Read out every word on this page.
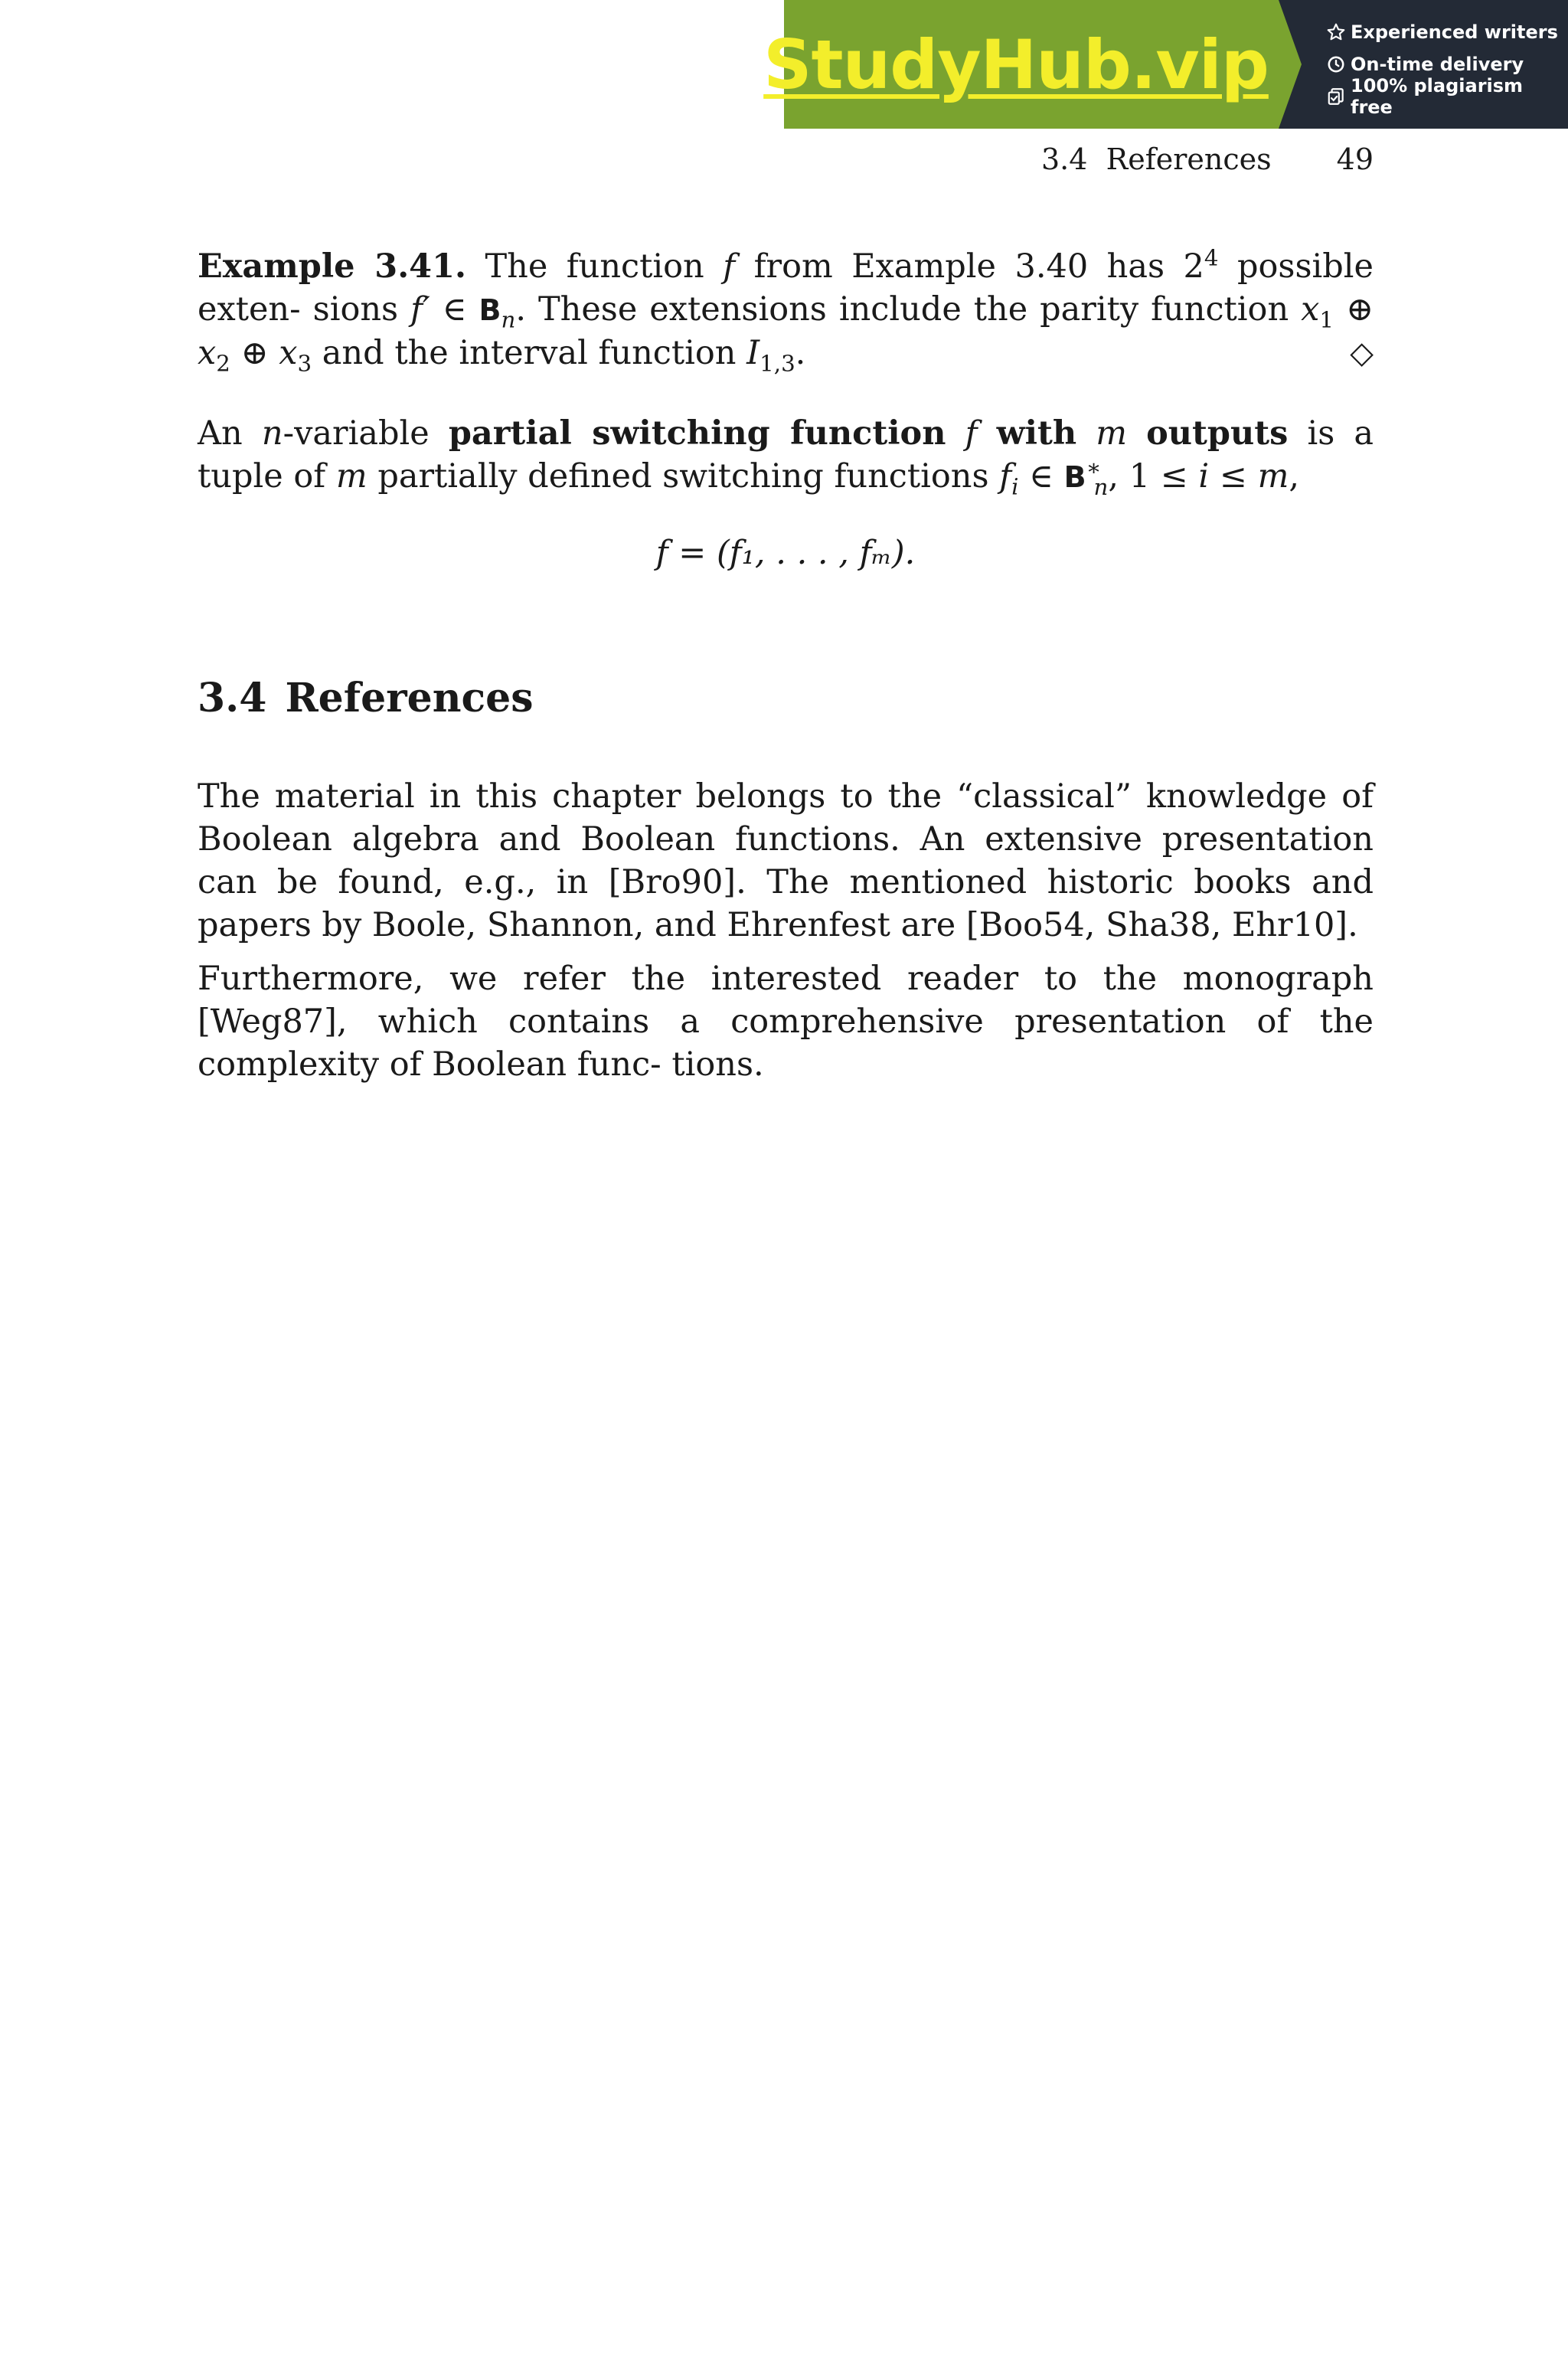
StudyHub.vip	Experienced writers
On-time delivery
100% plagiarism free
3.4  References 49

Example 3.41. The function f from Example 3.40 has $2^4$ possible exten- sions f′ ∈ $B_n$. These extensions include the parity function $x_1$ ⊕ $x_2$ ⊕ $x_3$ and the interval function $I_{1,3}$.	◇

An n-variable partial switching function f with m outputs is a tuple of m partially defined switching functions $f_i$ ∈ $B^∗_n$, 1 ≤ i ≤ m,

f = (f₁, . . . , fₘ).
3.4 References

The material in this chapter belongs to the “classical” knowledge of Boolean algebra and Boolean functions. An extensive presentation can be found, e.g., in [Bro90]. The mentioned historic books and papers by Boole, Shannon, and Ehrenfest are [Boo54, Sha38, Ehr10].

Furthermore, we refer the interested reader to the monograph [Weg87], which contains a comprehensive presentation of the complexity of Boolean func- tions.
